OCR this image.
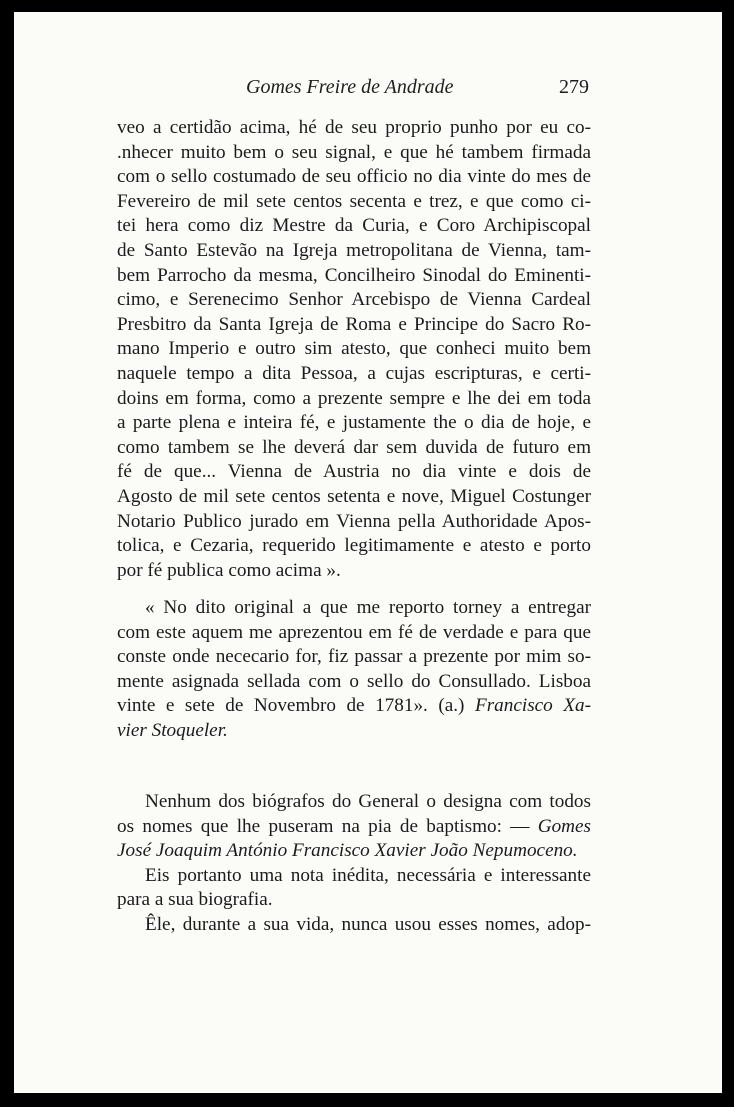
Gomes Freire de Andrade	279

veo a certidão acima, hé de seu proprio punho por eu co-
.nhecer muito bem o seu signal, e que hé tambem firmada
com o sello costumado de seu officio no dia vinte do mes de
Fevereiro de mil sete centos secenta e trez, e que como ci-
tei hera como diz Mestre da Curia, e Coro Archipiscopal
de Santo Estevão na Igreja metropolitana de Vienna, tam-
bem Parrocho da mesma, Concilheiro Sinodal do Eminenti-
cimo, e Serenecimo Senhor Arcebispo de Vienna Cardeal
Presbitro da Santa Igreja de Roma e Principe do Sacro Ro-
mano Imperio e outro sim atesto, que conheci muito bem
naquele tempo a dita Pessoa, a cujas escripturas, e certi-
doins em forma, como a prezente sempre e lhe dei em toda
a parte plena e inteira fé, e justamente the o dia de hoje, e
como tambem se lhe deverá dar sem duvida de futuro em
fé de que... Vienna de Austria no dia vinte e dois de
Agosto de mil sete centos setenta e nove, Miguel Costunger
Notario Publico jurado em Vienna pella Authoridade Apos-
tolica, e Cezaria, requerido legitimamente e atesto e porto
por fé publica como acima ».

« No dito original a que me reporto torney a entregar
com este aquem me aprezentou em fé de verdade e para que
conste onde nececario for, fiz passar a prezente por mim so-
mente asignada sellada com o sello do Consullado. Lisboa
vinte e sete de Novembro de 1781». (a.) Francisco Xa-
vier Stoqueler.

Nenhum dos biógrafos do General o designa com todos
os nomes que lhe puseram na pia de baptismo: — Gomes
José Joaquim António Francisco Xavier João Nepumoceno.

Eis portanto uma nota inédita, necessária e interessante
para a sua biografia.

Êle, durante a sua vida, nunca usou esses nomes, adop-
